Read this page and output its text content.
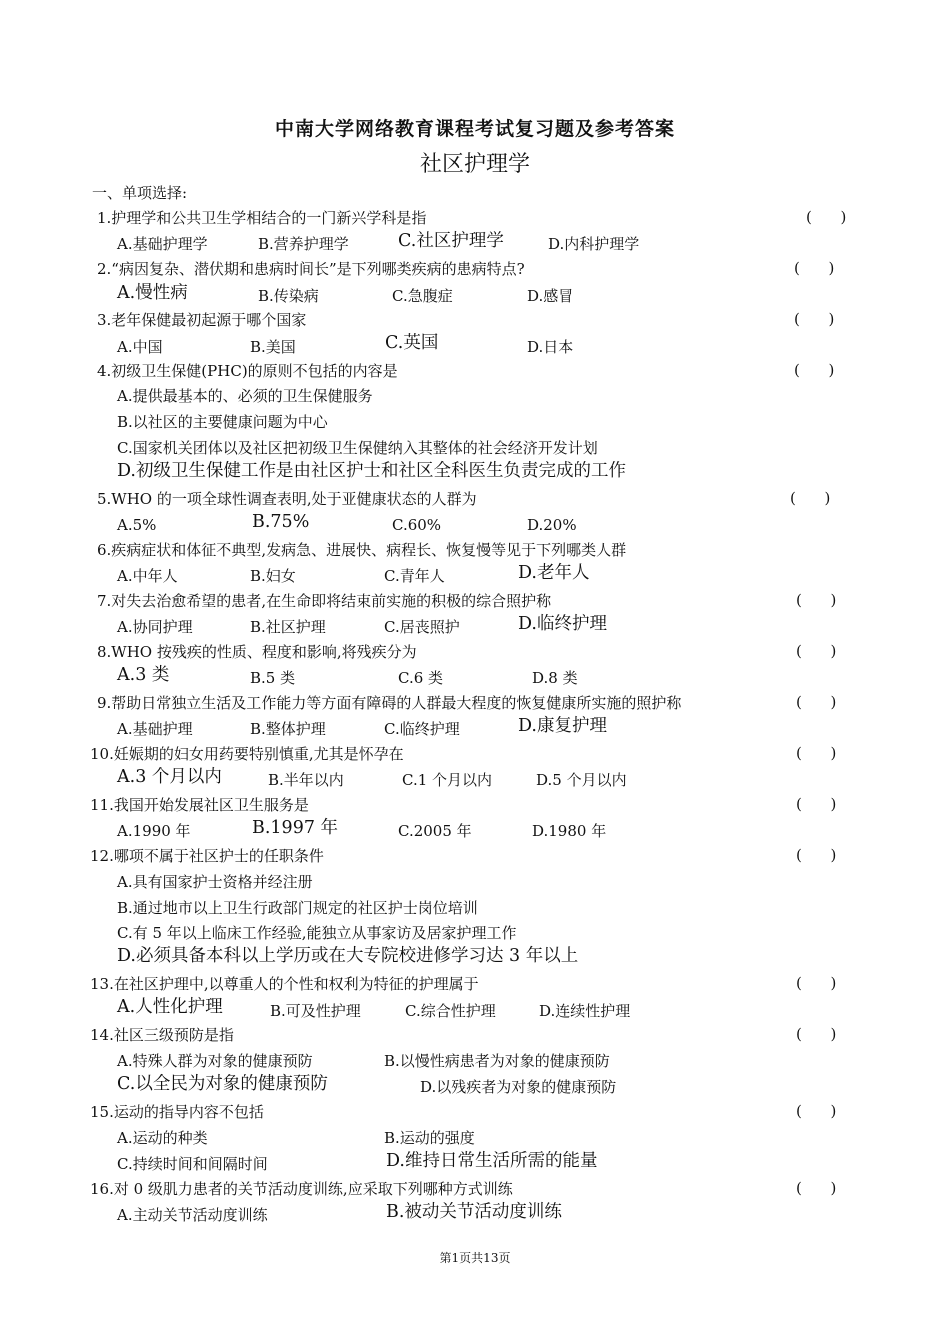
中南大学网络教育课程考试复习题及参考答案
社区护理学
一、单项选择:
1.护理学和公共卫生学相结合的一门新兴学科是指	(      )
A.基础护理学	B.营养护理学	C.社区护理学	D.内科护理学
2.“病因复杂、潜伏期和患病时间长”是下列哪类疾病的患病特点?	(      )
A.慢性病	B.传染病	C.急腹症	D.感冒
3.老年保健最初起源于哪个国家	(      )
A.中国	B.美国	C.英国	D.日本
4.初级卫生保健(PHC)的原则不包括的内容是	(      )
A.提供最基本的、必须的卫生保健服务
B.以社区的主要健康问题为中心
C.国家机关团体以及社区把初级卫生保健纳入其整体的社会经济开发计划
D.初级卫生保健工作是由社区护士和社区全科医生负责完成的工作
5.WHO 的一项全球性调查表明,处于亚健康状态的人群为	(      )
A.5%	B.75%	C.60%	D.20%
6.疾病症状和体征不典型,发病急、进展快、病程长、恢复慢等见于下列哪类人群
A.中年人	B.妇女	C.青年人	D.老年人
7.对失去治愈希望的患者,在生命即将结束前实施的积极的综合照护称	(      )
A.协同护理	B.社区护理	C.居丧照护	D.临终护理
8.WHO 按残疾的性质、程度和影响,将残疾分为	(      )
A.3 类	B.5 类	C.6 类	D.8 类
9.帮助日常独立生活及工作能力等方面有障碍的人群最大程度的恢复健康所实施的照护称	(      )
A.基础护理	B.整体护理	C.临终护理	D.康复护理
10.妊娠期的妇女用药要特别慎重,尤其是怀孕在	(      )
A.3 个月以内	B.半年以内	C.1 个月以内	D.5 个月以内
11.我国开始发展社区卫生服务是	(      )
A.1990 年	B.1997 年	C.2005 年	D.1980 年
12.哪项不属于社区护士的任职条件	(      )
A.具有国家护士资格并经注册
B.通过地市以上卫生行政部门规定的社区护士岗位培训
C.有 5 年以上临床工作经验,能独立从事家访及居家护理工作
D.必须具备本科以上学历或在大专院校进修学习达 3 年以上
13.在社区护理中,以尊重人的个性和权利为特征的护理属于	(      )
A.人性化护理	B.可及性护理	C.综合性护理	D.连续性护理
14.社区三级预防是指	(      )
A.特殊人群为对象的健康预防	B.以慢性病患者为对象的健康预防
C.以全民为对象的健康预防	D.以残疾者为对象的健康预防
15.运动的指导内容不包括	(      )
A.运动的种类	B.运动的强度
C.持续时间和间隔时间	D.维持日常生活所需的能量
16.对 0 级肌力患者的关节活动度训练,应采取下列哪种方式训练	(      )
A.主动关节活动度训练	B.被动关节活动度训练
第1页共13页
